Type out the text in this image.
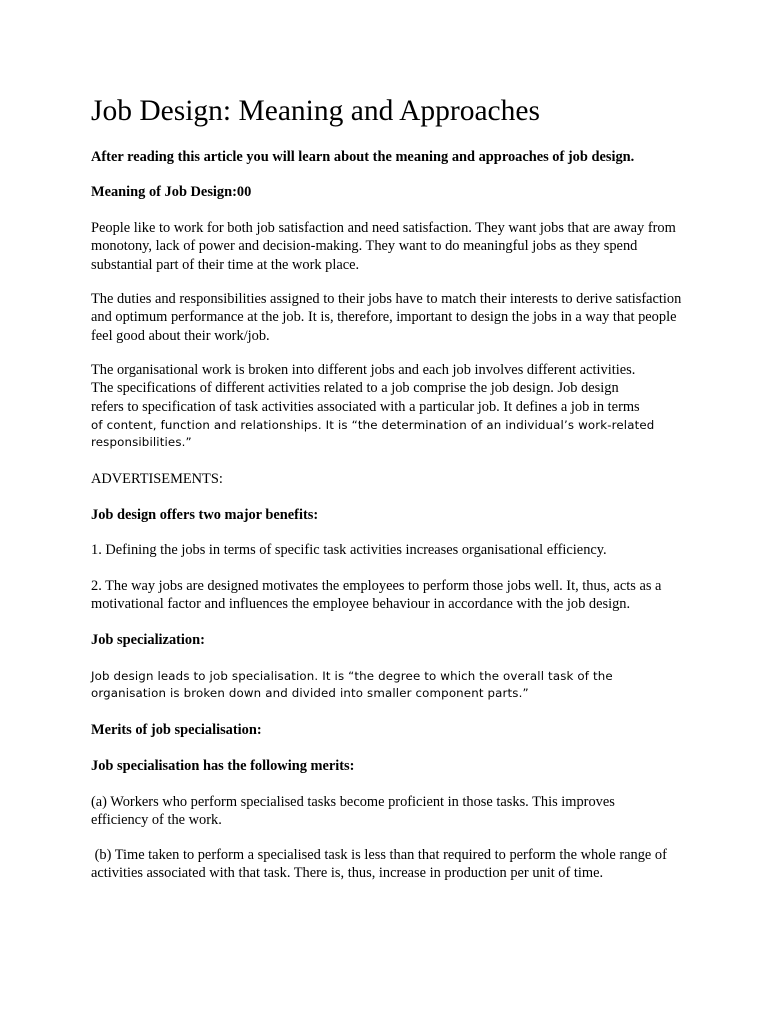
Job Design: Meaning and Approaches

After reading this article you will learn about the meaning and approaches of job design.

Meaning of Job Design:00

People like to work for both job satisfaction and need satisfaction. They want jobs that are away from monotony, lack of power and decision-making. They want to do meaningful jobs as they spend substantial part of their time at the work place.

The duties and responsibilities assigned to their jobs have to match their interests to derive satisfaction and optimum performance at the job. It is, therefore, important to design the jobs in a way that people feel good about their work/job.

The organisational work is broken into different jobs and each job involves different activities.

The specifications of different activities related to a job comprise the job design. Job design

refers to specification of task activities associated with a particular job. It defines a job in terms

of content, function and relationships. It is “the determination of an individual’s work-related

responsibilities.”

ADVERTISEMENTS:

Job design offers two major benefits:

1. Defining the jobs in terms of specific task activities increases organisational efficiency.

2. The way jobs are designed motivates the employees to perform those jobs well. It, thus, acts as a motivational factor and influences the employee behaviour in accordance with the job design.

Job specialization:

Job design leads to job specialisation. It is “the degree to which the overall task of the

organisation is broken down and divided into smaller component parts.”

Merits of job specialisation:

Job specialisation has the following merits:

(a) Workers who perform specialised tasks become proficient in those tasks. This improves efficiency of the work.

(b) Time taken to perform a specialised task is less than that required to perform the whole range of activities associated with that task. There is, thus, increase in production per unit of time.
